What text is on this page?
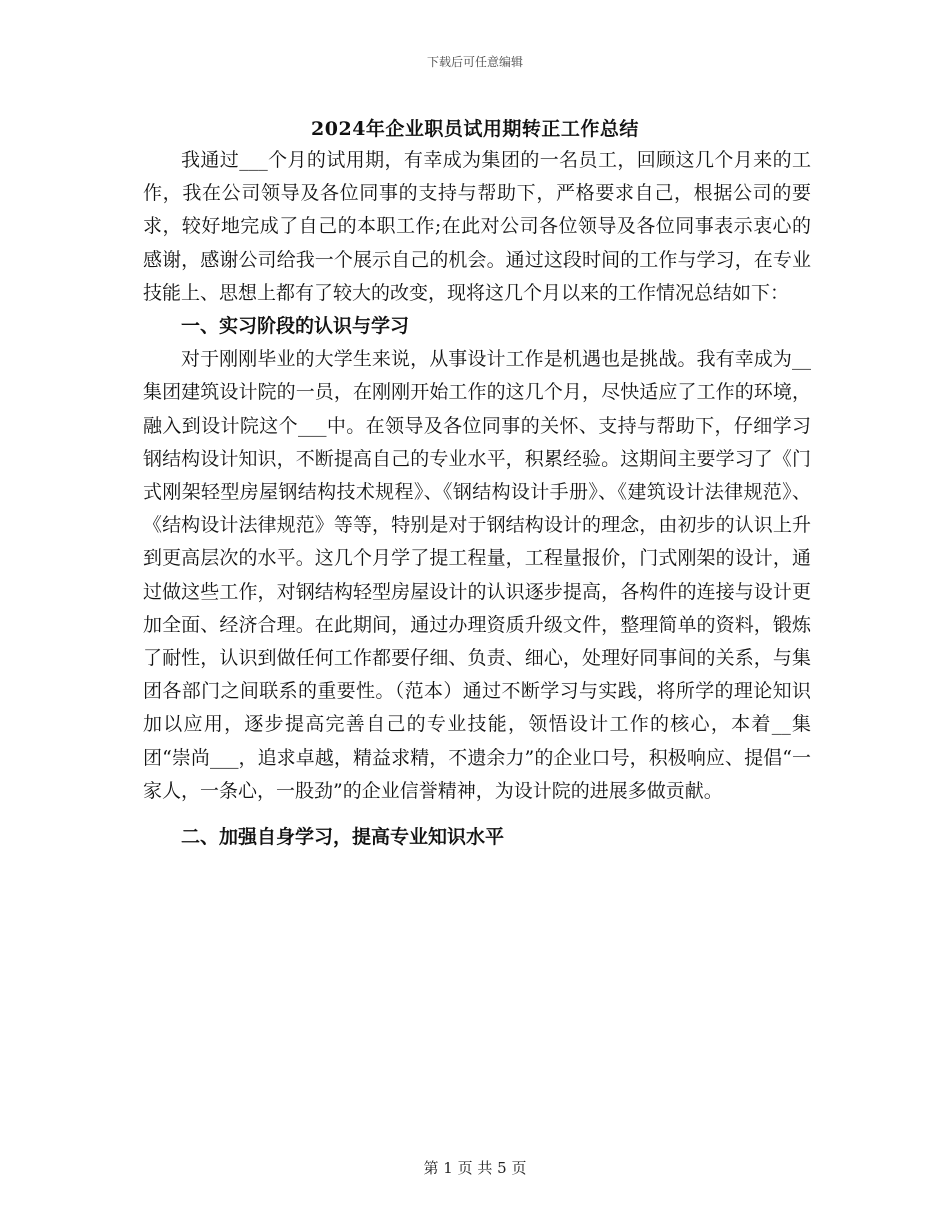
下载后可任意编辑
2024年企业职员试用期转正工作总结

我通过___个月的试用期，有幸成为集团的一名员工，回顾这几个月来的工作，我在公司领导及各位同事的支持与帮助下，严格要求自己，根据公司的要求，较好地完成了自己的本职工作;在此对公司各位领导及各位同事表示衷心的感谢，感谢公司给我一个展示自己的机会。通过这段时间的工作与学习，在专业技能上、思想上都有了较大的改变，现将这几个月以来的工作情况总结如下：

一、实习阶段的认识与学习

对于刚刚毕业的大学生来说，从事设计工作是机遇也是挑战。我有幸成为__集团建筑设计院的一员，在刚刚开始工作的这几个月，尽快适应了工作的环境，融入到设计院这个___中。在领导及各位同事的关怀、支持与帮助下，仔细学习钢结构设计知识，不断提高自己的专业水平，积累经验。这期间主要学习了《门式刚架轻型房屋钢结构技术规程》、《钢结构设计手册》、《建筑设计法律规范》、《结构设计法律规范》等等，特别是对于钢结构设计的理念，由初步的认识上升到更高层次的水平。这几个月学了提工程量，工程量报价，门式刚架的设计，通过做这些工作，对钢结构轻型房屋设计的认识逐步提高，各构件的连接与设计更加全面、经济合理。在此期间，通过办理资质升级文件，整理简单的资料，锻炼了耐性，认识到做任何工作都要仔细、负责、细心，处理好同事间的关系，与集团各部门之间联系的重要性。（范本）通过不断学习与实践，将所学的理论知识加以应用，逐步提高完善自己的专业技能，领悟设计工作的核心，本着__集团“崇尚___，追求卓越，精益求精，不遗余力”的企业口号，积极响应、提倡“一家人，一条心，一股劲”的企业信誉精神，为设计院的进展多做贡献。

二、加强自身学习，提高专业知识水平

第 1 页 共 5 页
